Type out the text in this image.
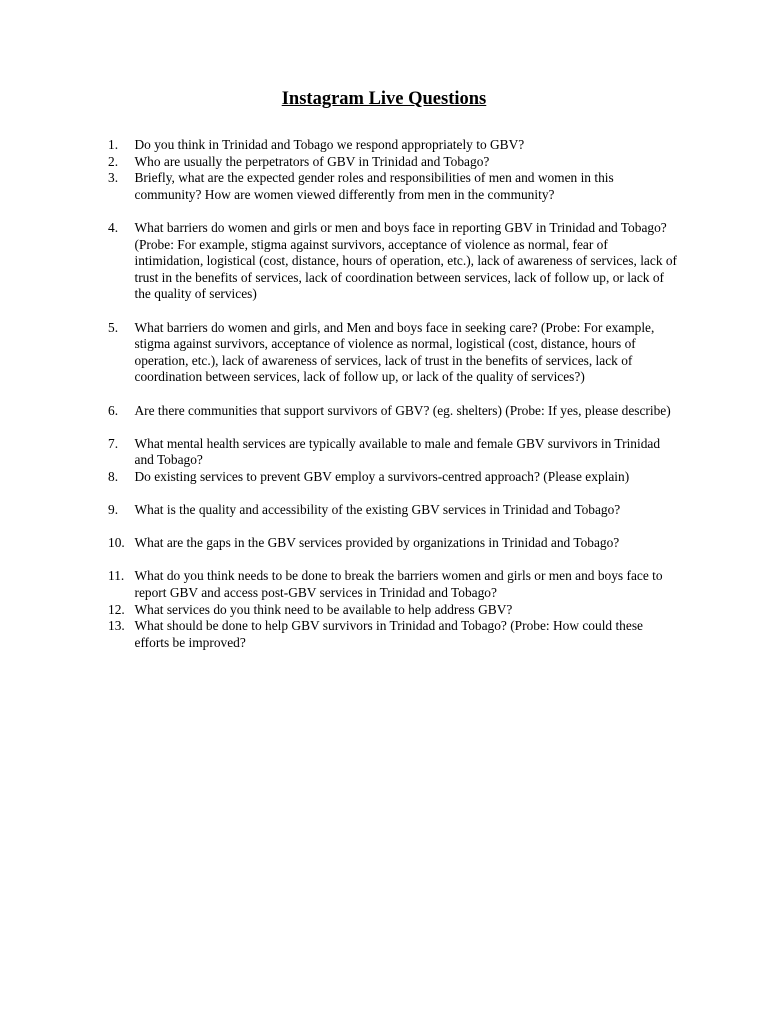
Instagram Live Questions
1.	Do you think in Trinidad and Tobago we respond appropriately to GBV?
2.	Who are usually the perpetrators of GBV in Trinidad and Tobago?
3.	Briefly, what are the expected gender roles and responsibilities of men and women in this community? How are women viewed differently from men in the community?
4.	What barriers do women and girls or men and boys face in reporting GBV in Trinidad and Tobago? (Probe: For example, stigma against survivors, acceptance of violence as normal, fear of intimidation, logistical (cost, distance, hours of operation, etc.), lack of awareness of services, lack of trust in the benefits of services, lack of coordination between services, lack of follow up, or lack of the quality of services)
5.	What barriers do women and girls, and Men and boys face in seeking care? (Probe: For example, stigma against survivors, acceptance of violence as normal, logistical (cost, distance, hours of operation, etc.), lack of awareness of services, lack of trust in the benefits of services, lack of coordination between services, lack of follow up, or lack of the quality of services?)
6.	Are there communities that support survivors of GBV? (eg. shelters) (Probe: If yes, please describe)
7.	What mental health services are typically available to male and female GBV survivors in Trinidad and Tobago?
8.	Do existing services to prevent GBV employ a survivors-centred approach? (Please explain)
9.	What is the quality and accessibility of the existing GBV services in Trinidad and Tobago?
10. What are the gaps in the GBV services provided by organizations in Trinidad and Tobago?
11. What do you think needs to be done to break the barriers women and girls or men and boys face to report GBV and access post-GBV services in Trinidad and Tobago?
12. What services do you think need to be available to help address GBV?
13. What should be done to help GBV survivors in Trinidad and Tobago? (Probe: How could these efforts be improved?
